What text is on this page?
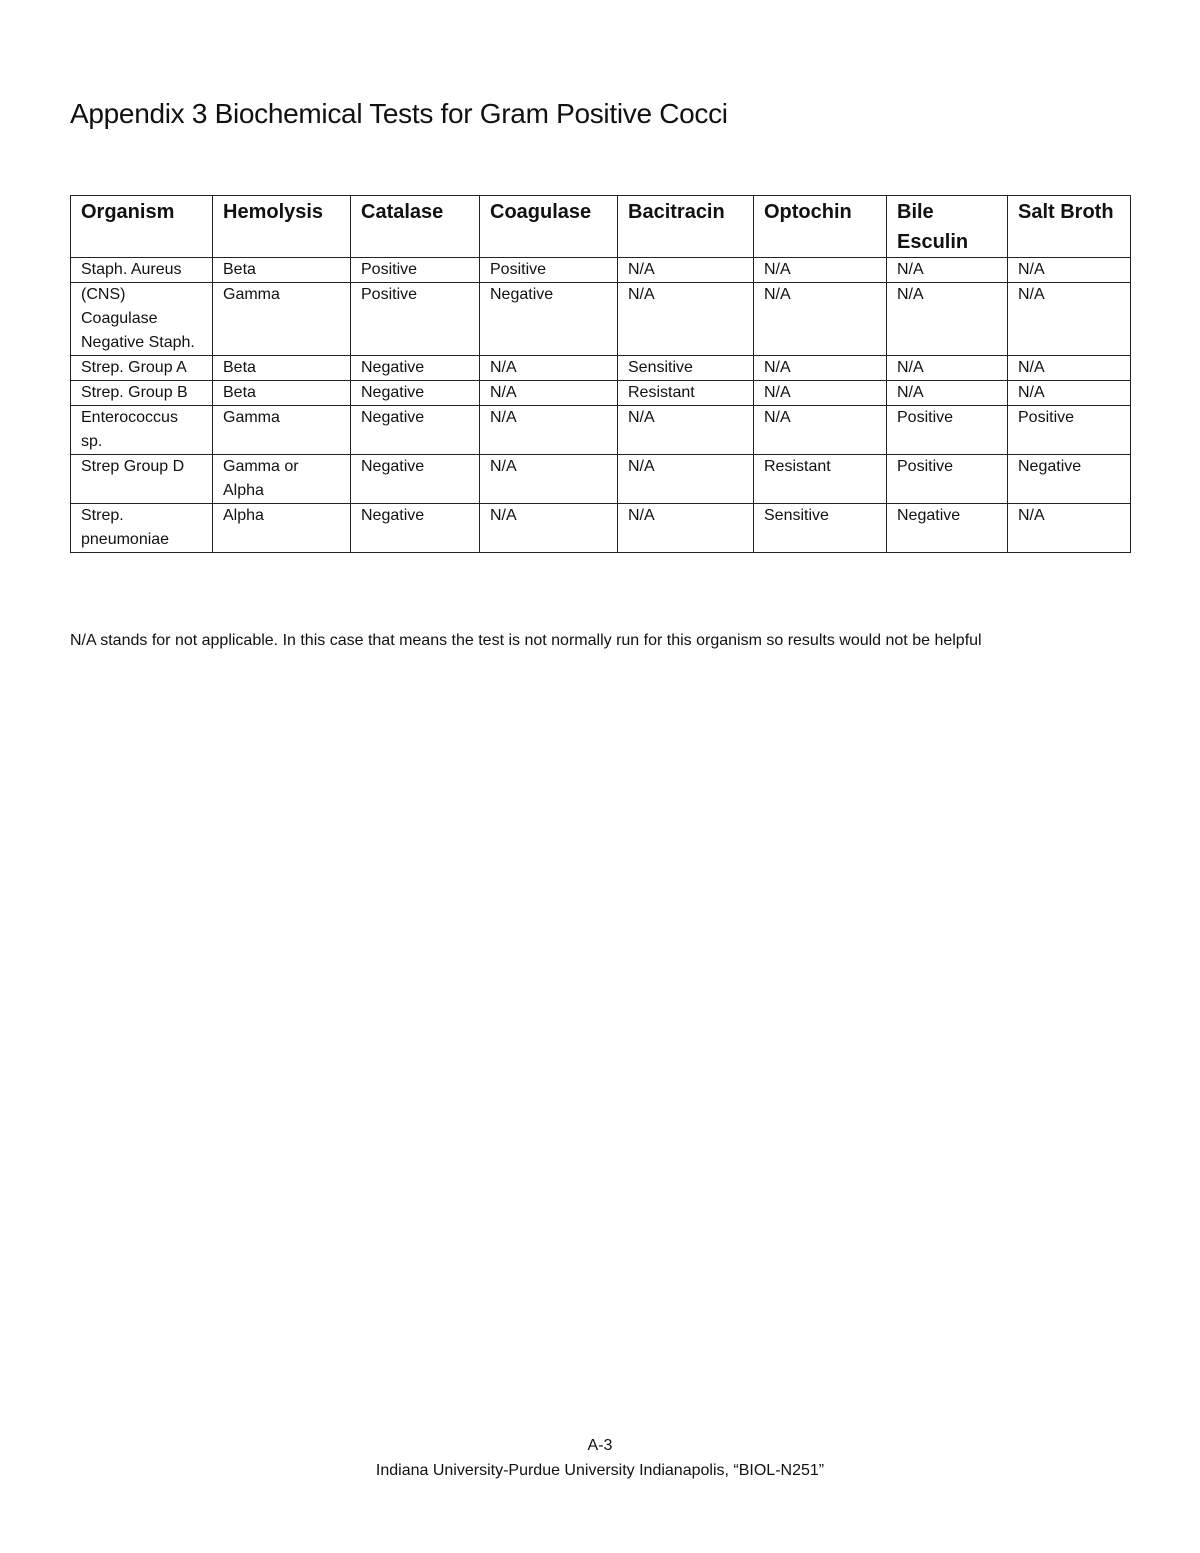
Appendix 3 Biochemical Tests for Gram Positive Cocci
Organism	Hemolysis	Catalase	Coagulase	Bacitracin	Optochin	Bile Esculin	Salt Broth
Staph. Aureus	Beta	Positive	Positive	N/A	N/A	N/A	N/A
(CNS) Coagulase Negative Staph.	Gamma	Positive	Negative	N/A	N/A	N/A	N/A
Strep. Group A	Beta	Negative	N/A	Sensitive	N/A	N/A	N/A
Strep. Group B	Beta	Negative	N/A	Resistant	N/A	N/A	N/A
Enterococcus sp.	Gamma	Negative	N/A	N/A	N/A	Positive	Positive
Strep Group D	Gamma or Alpha	Negative	N/A	N/A	Resistant	Positive	Negative
Strep. pneumoniae	Alpha	Negative	N/A	N/A	Sensitive	Negative	N/A

N/A stands for not applicable. In this case that means the test is not normally run for this organism so results would not be helpful

A-3
Indiana University-Purdue University Indianapolis, “BIOL-N251”
